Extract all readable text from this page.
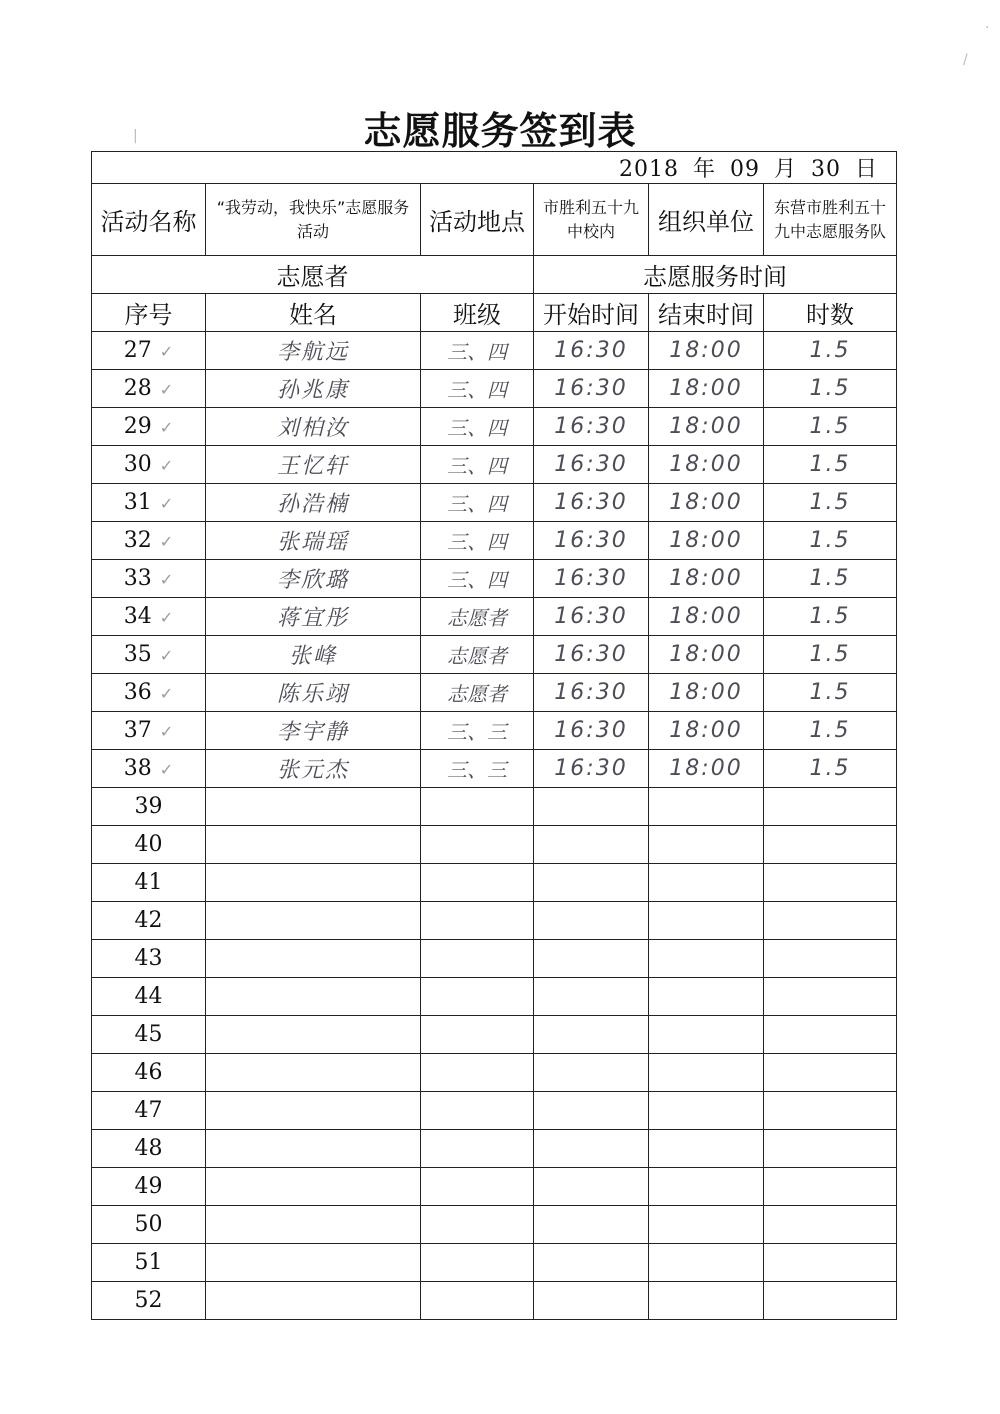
|
/
·
志愿服务签到表
2018 年 09 月 30 日					
活动名称	“我劳动，我快乐”志愿服务活动	活动地点	市胜利五十九中校内	组织单位	东营市胜利五十九中志愿服务队
志愿者			志愿服务时间		
序号	姓名	班级	开始时间	结束时间	时数
27 ✓	李航远	三、四	16:30	18:00	1.5
28 ✓	孙兆康	三、四	16:30	18:00	1.5
29 ✓	刘柏汝	三、四	16:30	18:00	1.5
30 ✓	王忆轩	三、四	16:30	18:00	1.5
31 ✓	孙浩楠	三、四	16:30	18:00	1.5
32 ✓	张瑞瑶	三、四	16:30	18:00	1.5
33 ✓	李欣璐	三、四	16:30	18:00	1.5
34 ✓	蒋宜彤	志愿者	16:30	18:00	1.5
35 ✓	张峰	志愿者	16:30	18:00	1.5
36 ✓	陈乐翊	志愿者	16:30	18:00	1.5
37 ✓	李宇静	三、三	16:30	18:00	1.5
38 ✓	张元杰	三、三	16:30	18:00	1.5
39					
40					
41					
42					
43					
44					
45					
46					
47					
48					
49					
50					
51					
52					
